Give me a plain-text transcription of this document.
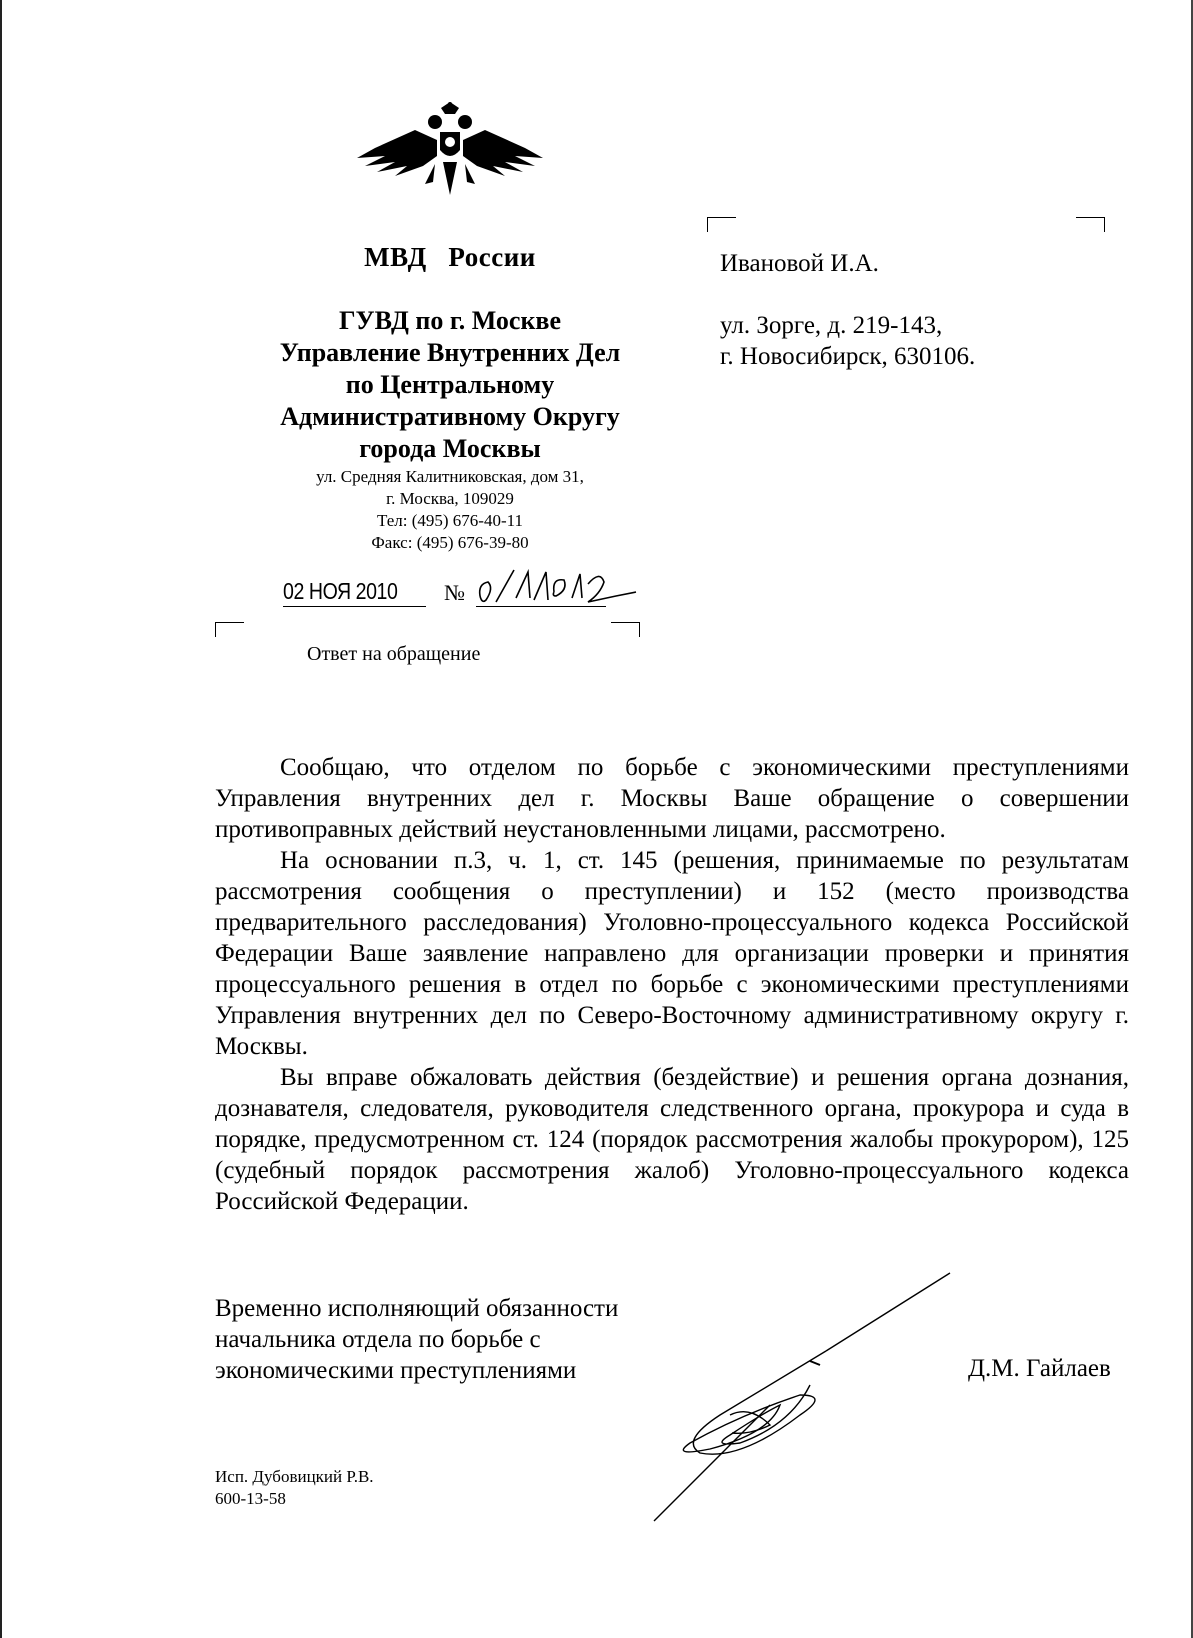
МВД   России
ГУВД по г. Москве
Управление Внутренних Дел
по Центральному
Административному Округу
города Москвы
ул. Средняя Калитниковская, дом 31,
г. Москва, 109029
Тел: (495) 676-40-11
Факс: (495) 676-39-80
Ивановой И.А.
ул. Зорге, д. 219-143,
г. Новосибирск, 630106.
02 НОЯ 2010 №
Ответ на обращение

Сообщаю, что отделом по борьбе с экономическими преступлениями Управления внутренних дел г. Москвы Ваше обращение о совершении противоправных действий неустановленными лицами, рассмотрено.

На основании п.3, ч. 1, ст. 145 (решения, принимаемые по результатам рассмотрения сообщения о преступлении) и 152 (место производства предварительного расследования) Уголовно-процессуального кодекса Российской Федерации Ваше заявление направлено для организации проверки и принятия процессуального решения в отдел по борьбе с экономическими преступлениями Управления внутренних дел по Северо-Восточному административному округу г. Москвы.

Вы вправе обжаловать действия (бездействие) и решения органа дознания, дознавателя, следователя, руководителя следственного органа, прокурора и суда в порядке, предусмотренном ст. 124 (порядок рассмотрения жалобы прокурором), 125 (судебный порядок рассмотрения жалоб) Уголовно-процессуального кодекса Российской Федерации.

Временно исполняющий обязанности
начальника отдела по борьбе с
экономическими преступлениями	Д.М. Гайлаев
Исп. Дубовицкий Р.В.
600-13-58
